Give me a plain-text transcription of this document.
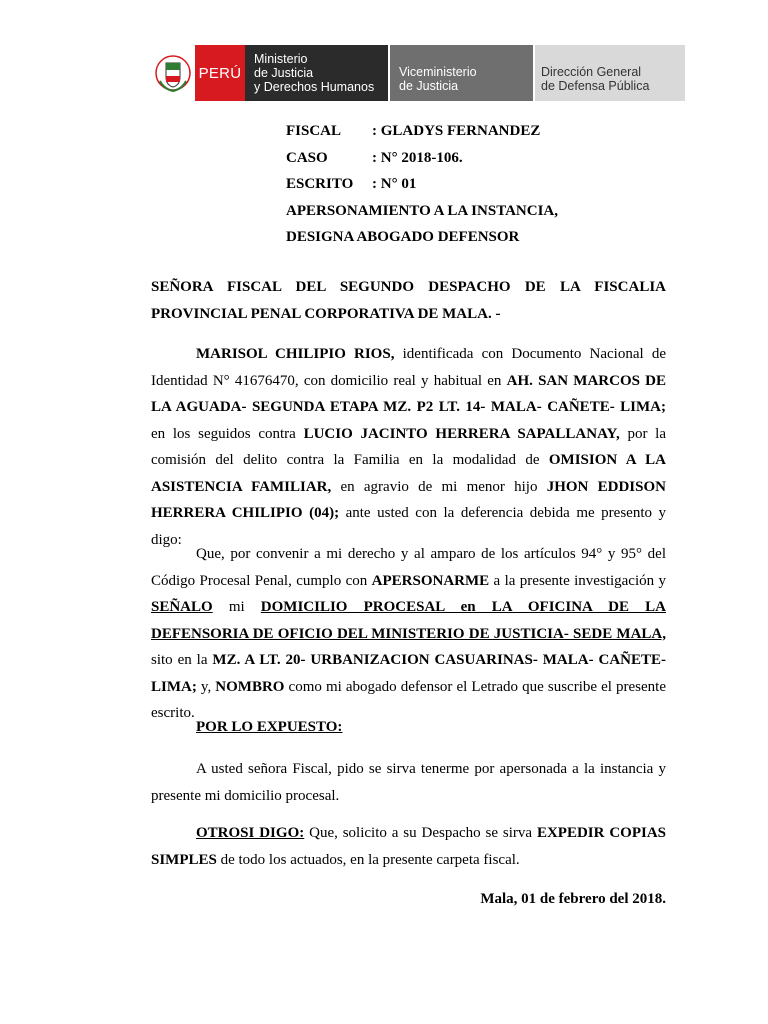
PERÚ
Ministerio
de Justicia
y Derechos Humanos
Viceministerio
de Justicia
Dirección General
de Defensa Pública
FISCAL : GLADYS FERNANDEZ
CASO	: N° 2018-106.
ESCRITO : N° 01
APERSONAMIENTO A LA INSTANCIA,
DESIGNA ABOGADO DEFENSOR

SEÑORA FISCAL DEL SEGUNDO DESPACHO DE LA FISCALIA PROVINCIAL PENAL CORPORATIVA DE MALA. -

MARISOL CHILIPIO RIOS, identificada con Documento Nacional de Identidad N° 41676470, con domicilio real y habitual en AH. SAN MARCOS DE LA AGUADA- SEGUNDA ETAPA MZ. P2 LT. 14- MALA- CAÑETE- LIMA; en los seguidos contra LUCIO JACINTO HERRERA SAPALLANAY, por la comisión del delito contra la Familia en la modalidad de OMISION A LA ASISTENCIA FAMILIAR, en agravio de mi menor hijo JHON EDDISON HERRERA CHILIPIO (04); ante usted con la deferencia debida me presento y digo:

Que, por convenir a mi derecho y al amparo de los artículos 94° y 95° del Código Procesal Penal, cumplo con APERSONARME a la presente investigación y SEÑALO mi DOMICILIO PROCESAL en LA OFICINA DE LA DEFENSORIA DE OFICIO DEL MINISTERIO DE JUSTICIA- SEDE MALA, sito en la MZ. A LT. 20- URBANIZACION CASUARINAS- MALA- CAÑETE- LIMA; y, NOMBRO como mi abogado defensor el Letrado que suscribe el presente escrito.

POR LO EXPUESTO:

A usted señora Fiscal, pido se sirva tenerme por apersonada a la instancia y presente mi domicilio procesal.

OTROSI DIGO: Que, solicito a su Despacho se sirva EXPEDIR COPIAS SIMPLES de todo los actuados, en la presente carpeta fiscal.

Mala, 01 de febrero del 2018.
